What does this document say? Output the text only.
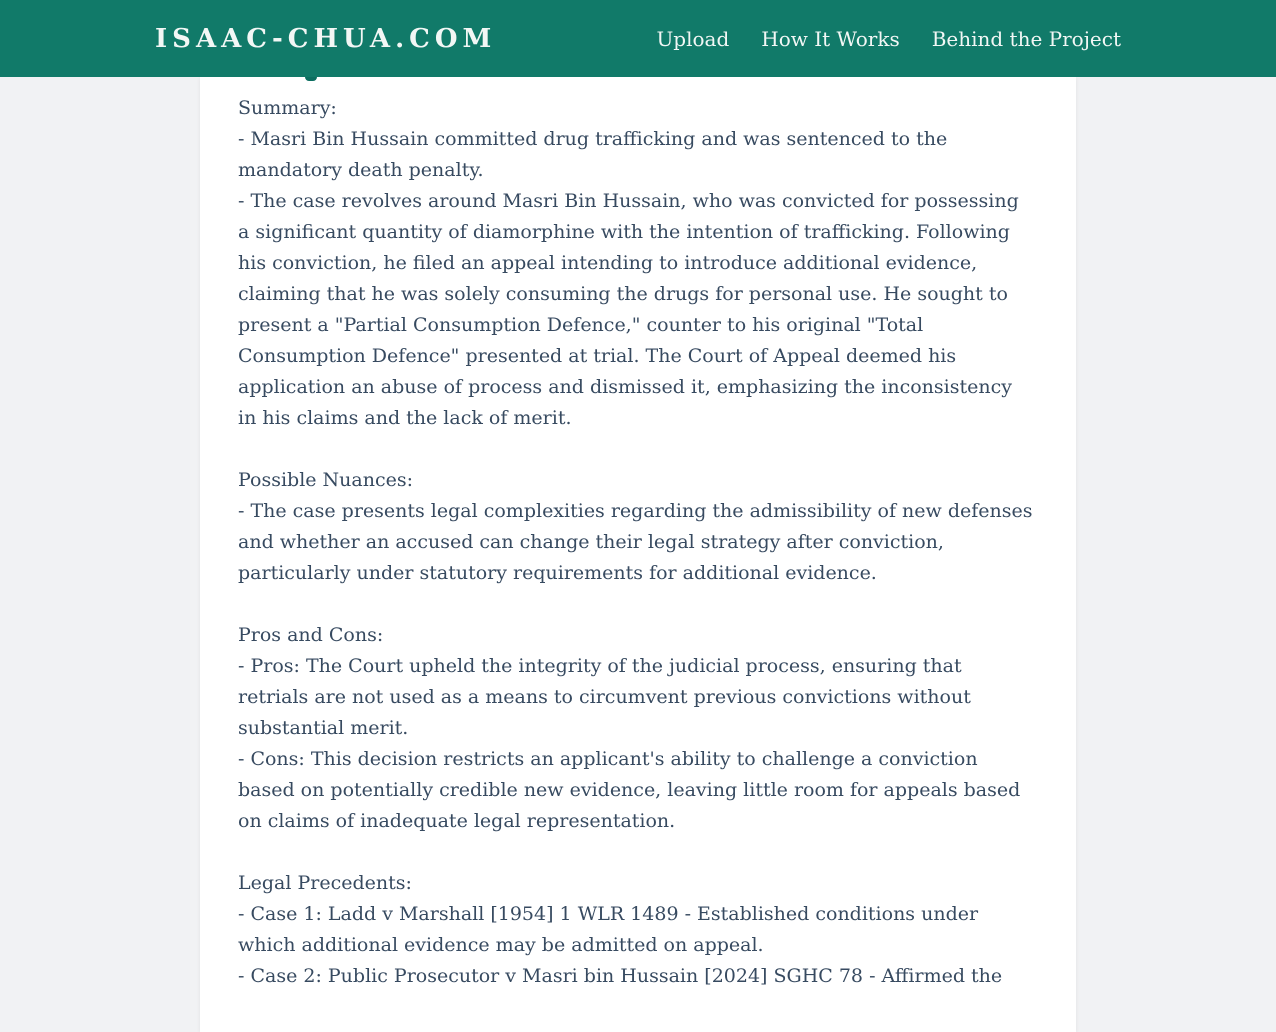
ISAAC-CHUA.COM	Upload How It Works Behind the Project

Summary:

- Masri Bin Hussain committed drug trafficking and was sentenced to the mandatory death penalty.

- The case revolves around Masri Bin Hussain, who was convicted for possessing a significant quantity of diamorphine with the intention of trafficking. Following his conviction, he filed an appeal intending to introduce additional evidence, claiming that he was solely consuming the drugs for personal use. He sought to present a "Partial Consumption Defence," counter to his original "Total Consumption Defence" presented at trial. The Court of Appeal deemed his application an abuse of process and dismissed it, emphasizing the inconsistency in his claims and the lack of merit.

Possible Nuances:

- The case presents legal complexities regarding the admissibility of new defenses and whether an accused can change their legal strategy after conviction, particularly under statutory requirements for additional evidence.

Pros and Cons:

- Pros: The Court upheld the integrity of the judicial process, ensuring that retrials are not used as a means to circumvent previous convictions without substantial merit.

- Cons: This decision restricts an applicant's ability to challenge a conviction based on potentially credible new evidence, leaving little room for appeals based on claims of inadequate legal representation.

Legal Precedents:

- Case 1: Ladd v Marshall [1954] 1 WLR 1489 - Established conditions under which additional evidence may be admitted on appeal.

- Case 2: Public Prosecutor v Masri bin Hussain [2024] SGHC 78 - Affirmed the
